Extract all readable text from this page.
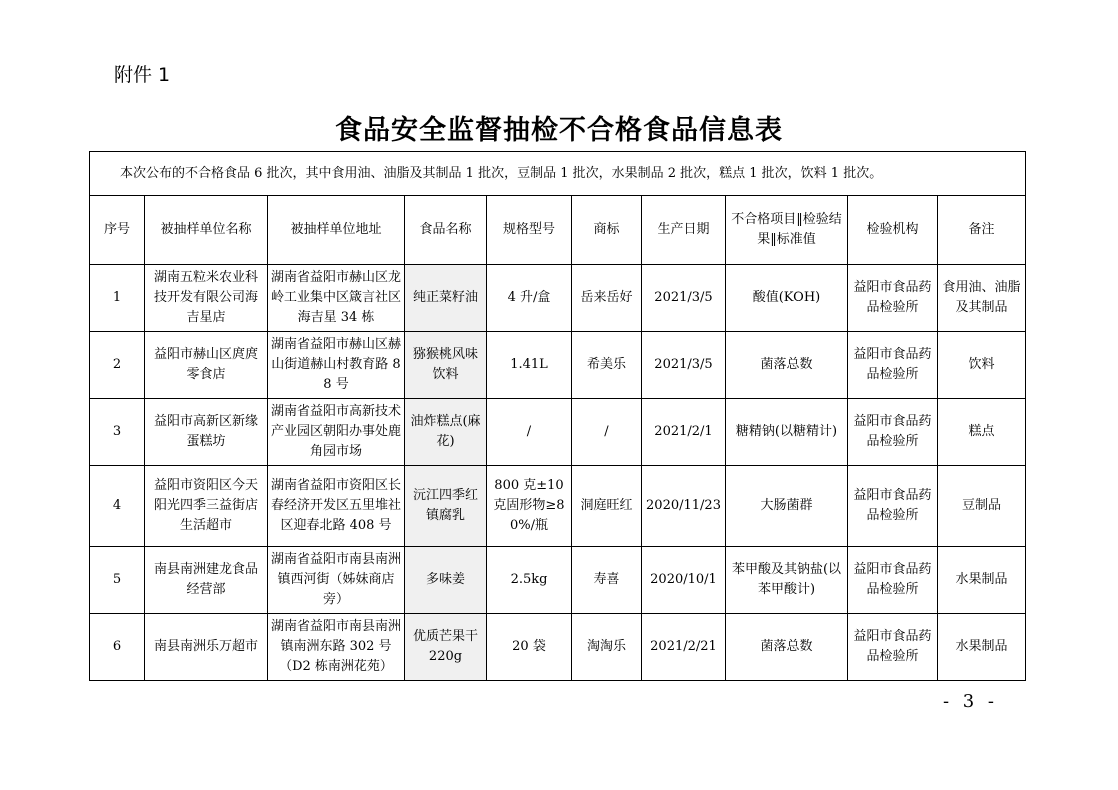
附件 1
食品安全监督抽检不合格食品信息表
本次公布的不合格食品 6 批次，其中食用油、油脂及其制品 1 批次，豆制品 1 批次，水果制品 2 批次，糕点 1 批次，饮料 1 批次。									
序号	被抽样单位名称	被抽样单位地址	食品名称	规格型号	商标	生产日期	不合格项目‖检验结果‖标准值	检验机构	备注
1	湖南五粒米农业科技开发有限公司海吉星店	湖南省益阳市赫山区龙岭工业集中区箴言社区海吉星 34 栋	纯正菜籽油	4 升/盒	岳来岳好	2021/3/5	酸值(KOH)	益阳市食品药品检验所	食用油、油脂及其制品
2	益阳市赫山区庹庹零食店	湖南省益阳市赫山区赫山街道赫山村教育路 88 号	猕猴桃风味饮料	1.41L	希美乐	2021/3/5	菌落总数	益阳市食品药品检验所	饮料
3	益阳市高新区新缘蛋糕坊	湖南省益阳市高新技术产业园区朝阳办事处鹿角园市场	油炸糕点(麻花)	/	/	2021/2/1	糖精钠(以糖精计)	益阳市食品药品检验所	糕点
4	益阳市资阳区今天阳光四季三益街店生活超市	湖南省益阳市资阳区长春经济开发区五里堆社区迎春北路 408 号	沅江四季红镇腐乳	800 克±10 克固形物≥80%/瓶	洞庭旺红	2020/11/23	大肠菌群	益阳市食品药品检验所	豆制品
5	南县南洲建龙食品经营部	湖南省益阳市南县南洲镇西河街（姊妹商店旁）	多味姜	2.5kg	寿喜	2020/10/1	苯甲酸及其钠盐(以苯甲酸计)	益阳市食品药品检验所	水果制品
6	南县南洲乐万超市	湖南省益阳市南县南洲镇南洲东路 302 号（D2 栋南洲花苑）	优质芒果干 220g	20 袋	淘淘乐	2021/2/21	菌落总数	益阳市食品药品检验所	水果制品
- 3 -
